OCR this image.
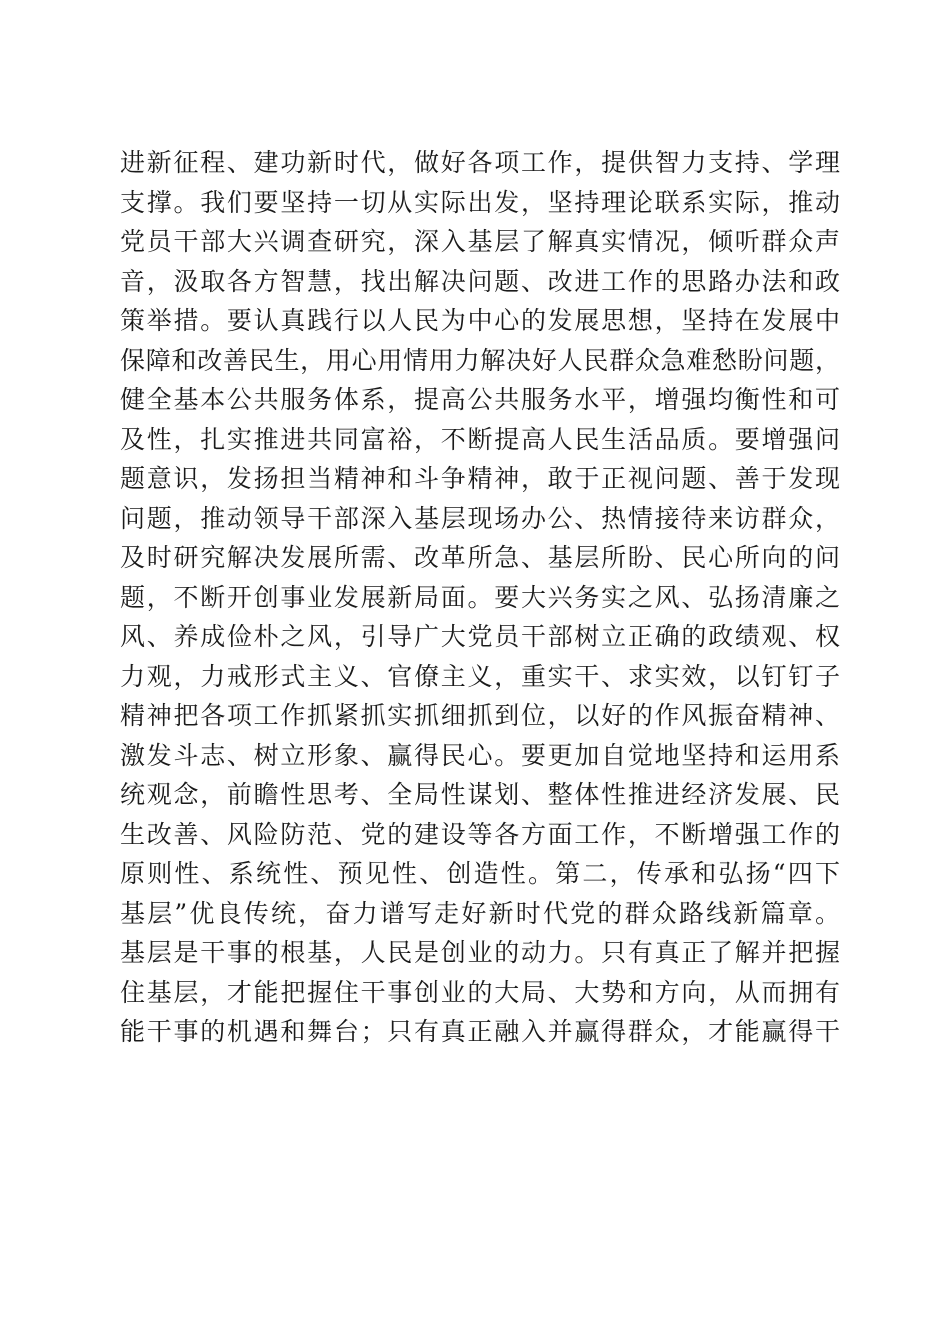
进新征程、建功新时代，做好各项工作，提供智力支持、学理
支撑。我们要坚持一切从实际出发，坚持理论联系实际，推动
党员干部大兴调查研究，深入基层了解真实情况，倾听群众声
音，汲取各方智慧，找出解决问题、改进工作的思路办法和政
策举措。要认真践行以人民为中心的发展思想，坚持在发展中
保障和改善民生，用心用情用力解决好人民群众急难愁盼问题，
健全基本公共服务体系，提高公共服务水平，增强均衡性和可
及性，扎实推进共同富裕，不断提高人民生活品质。要增强问
题意识，发扬担当精神和斗争精神，敢于正视问题、善于发现
问题，推动领导干部深入基层现场办公、热情接待来访群众，
及时研究解决发展所需、改革所急、基层所盼、民心所向的问
题，不断开创事业发展新局面。要大兴务实之风、弘扬清廉之
风、养成俭朴之风，引导广大党员干部树立正确的政绩观、权
力观，力戒形式主义、官僚主义，重实干、求实效，以钉钉子
精神把各项工作抓紧抓实抓细抓到位，以好的作风振奋精神、
激发斗志、树立形象、赢得民心。要更加自觉地坚持和运用系
统观念，前瞻性思考、全局性谋划、整体性推进经济发展、民
生改善、风险防范、党的建设等各方面工作，不断增强工作的
原则性、系统性、预见性、创造性。第二，传承和弘扬“四下
基层”优良传统，奋力谱写走好新时代党的群众路线新篇章。
基层是干事的根基，人民是创业的动力。只有真正了解并把握
住基层，才能把握住干事创业的大局、大势和方向，从而拥有
能干事的机遇和舞台；只有真正融入并赢得群众，才能赢得干
